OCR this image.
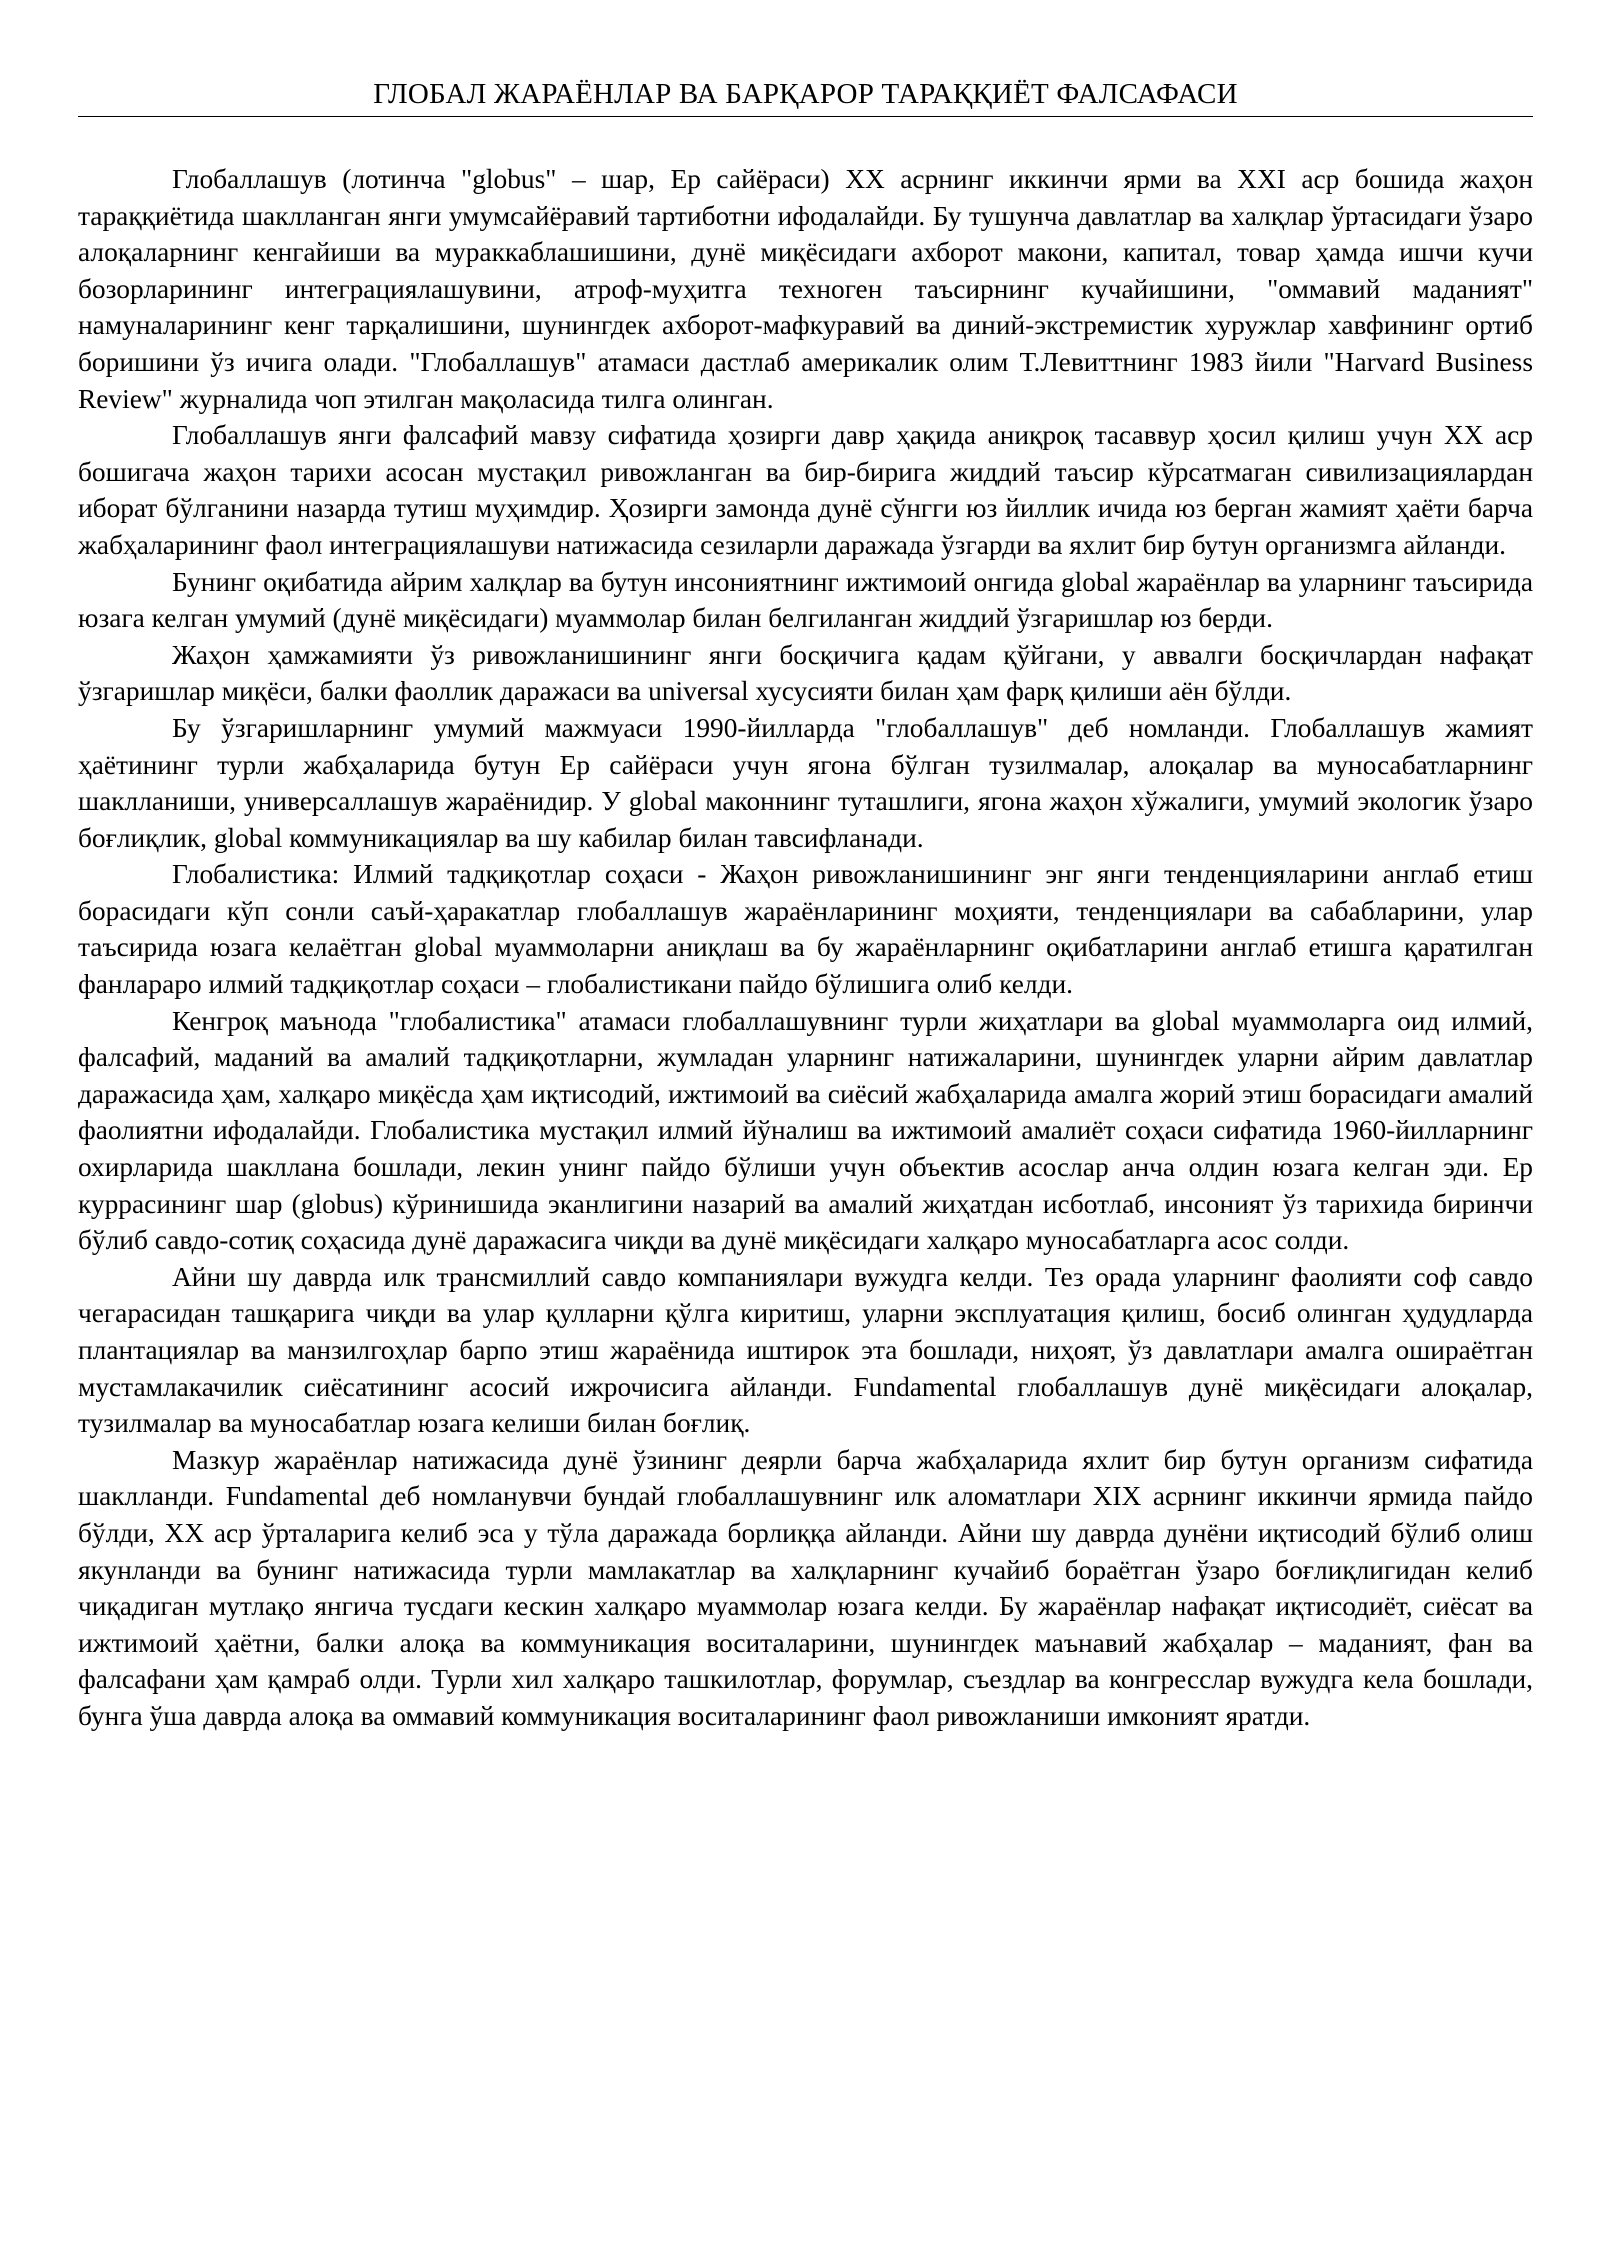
ГЛОБАЛ ЖАРАЁНЛАР ВА БАРҚАРОР ТАРАҚҚИЁТ ФАЛСАФАСИ

Глобаллашув (лотинча "globus" – шар, Ер сайёраси) XX асрнинг иккинчи ярми ва XXI аср бошида жаҳон тараққиётида шаклланган янги умумсайёравий тартиботни ифодалайди. Бу тушунча давлатлар ва халқлар ўртасидаги ўзаро алоқаларнинг кенгайиши ва мураккаблашишини, дунё миқёсидаги ахборот макони, капитал, товар ҳамда ишчи кучи бозорларининг интеграциялашувини, атроф-муҳитга техноген таъсирнинг кучайишини, "оммавий маданият" намуналарининг кенг тарқалишини, шунингдек ахборот-мафкуравий ва диний-экстремистик хуружлар хавфининг ортиб боришини ўз ичига олади. "Глобаллашув" атамаси дастлаб америкалик олим Т.Левиттнинг 1983 йили "Harvard Business Review" журналида чоп этилган мақоласида тилга олинган.

Глобаллашув янги фалсафий мавзу сифатида ҳозирги давр ҳақида аниқроқ тасаввур ҳосил қилиш учун XX аср бошигача жаҳон тарихи асосан мустақил ривожланган ва бир-бирига жиддий таъсир кўрсатмаган сивилизациялардан иборат бўлганини назарда тутиш муҳимдир. Ҳозирги замонда дунё сўнгги юз йиллик ичида юз берган жамият ҳаёти барча жабҳаларининг фаол интеграциялашуви натижасида сезиларли даражада ўзгарди ва яхлит бир бутун организмга айланди.

Бунинг оқибатида айрим халқлар ва бутун инсониятнинг ижтимоий онгида global жараёнлар ва уларнинг таъсирида юзага келган умумий (дунё миқёсидаги) муаммолар билан белгиланган жиддий ўзгаришлар юз берди.

Жаҳон ҳамжамияти ўз ривожланишининг янги босқичига қадам қўйгани, у аввалги босқичлардан нафақат ўзгаришлар миқёси, балки фаоллик даражаси ва universal хусусияти билан ҳам фарқ қилиши аён бўлди.

Бу ўзгаришларнинг умумий мажмуаси 1990-йилларда "глобаллашув" деб номланди. Глобаллашув жамият ҳаётининг турли жабҳаларида бутун Ер сайёраси учун ягона бўлган тузилмалар, алоқалар ва муносабатларнинг шаклланиши, универсаллашув жараёнидир. У global маконнинг туташлиги, ягона жаҳон хўжалиги, умумий экологик ўзаро боғлиқлик, global коммуникациялар ва шу кабилар билан тавсифланади.

Глобалистика: Илмий тадқиқотлар соҳаси - Жаҳон ривожланишининг энг янги тенденцияларини англаб етиш борасидаги кўп сонли саъй-ҳаракатлар глобаллашув жараёнларининг моҳияти, тенденциялари ва сабабларини, улар таъсирида юзага келаётган global муаммоларни аниқлаш ва бу жараёнларнинг оқибатларини англаб етишга қаратилган фанлараро илмий тадқиқотлар соҳаси – глобалистикани пайдо бўлишига олиб келди.

Кенгроқ маънода "глобалистика" атамаси глобаллашувнинг турли жиҳатлари ва global муаммоларга оид илмий, фалсафий, маданий ва амалий тадқиқотларни, жумладан уларнинг натижаларини, шунингдек уларни айрим давлатлар даражасида ҳам, халқаро миқёсда ҳам иқтисодий, ижтимоий ва сиёсий жабҳаларида амалга жорий этиш борасидаги амалий фаолиятни ифодалайди. Глобалистика мустақил илмий йўналиш ва ижтимоий амалиёт соҳаси сифатида 1960-йилларнинг охирларида шакллана бошлади, лекин унинг пайдо бўлиши учун объектив асослар анча олдин юзага келган эди. Ер куррасининг шар (globus) кўринишида эканлигини назарий ва амалий жиҳатдан исботлаб, инсоният ўз тарихида биринчи бўлиб савдо-сотиқ соҳасида дунё даражасига чиқди ва дунё миқёсидаги халқаро муносабатларга асос солди.

Айни шу даврда илк трансмиллий савдо компаниялари вужудга келди. Тез орада уларнинг фаолияти соф савдо чегарасидан ташқарига чиқди ва улар қулларни қўлга киритиш, уларни эксплуатация қилиш, босиб олинган ҳудудларда плантациялар ва манзилгоҳлар барпо этиш жараёнида иштирок эта бошлади, ниҳоят, ўз давлатлари амалга ошираётган мустамлакачилик сиёсатининг асосий ижрочисига айланди. Fundamental глобаллашув дунё миқёсидаги алоқалар, тузилмалар ва муносабатлар юзага келиши билан боғлиқ.

Мазкур жараёнлар натижасида дунё ўзининг деярли барча жабҳаларида яхлит бир бутун организм сифатида шаклланди. Fundamental деб номланувчи бундай глобаллашувнинг илк аломатлари XIX асрнинг иккинчи ярмида пайдо бўлди, XX аср ўрталарига келиб эса у тўла даражада борлиққа айланди. Айни шу даврда дунёни иқтисодий бўлиб олиш якунланди ва бунинг натижасида турли мамлакатлар ва халқларнинг кучайиб бораётган ўзаро боғлиқлигидан келиб чиқадиган мутлақо янгича тусдаги кескин халқаро муаммолар юзага келди. Бу жараёнлар нафақат иқтисодиёт, сиёсат ва ижтимоий ҳаётни, балки алоқа ва коммуникация воситаларини, шунингдек маънавий жабҳалар – маданият, фан ва фалсафани ҳам қамраб олди. Турли хил халқаро ташкилотлар, форумлар, съездлар ва конгресслар вужудга кела бошлади, бунга ўша даврда алоқа ва оммавий коммуникация воситаларининг фаол ривожланиши имконият яратди.
